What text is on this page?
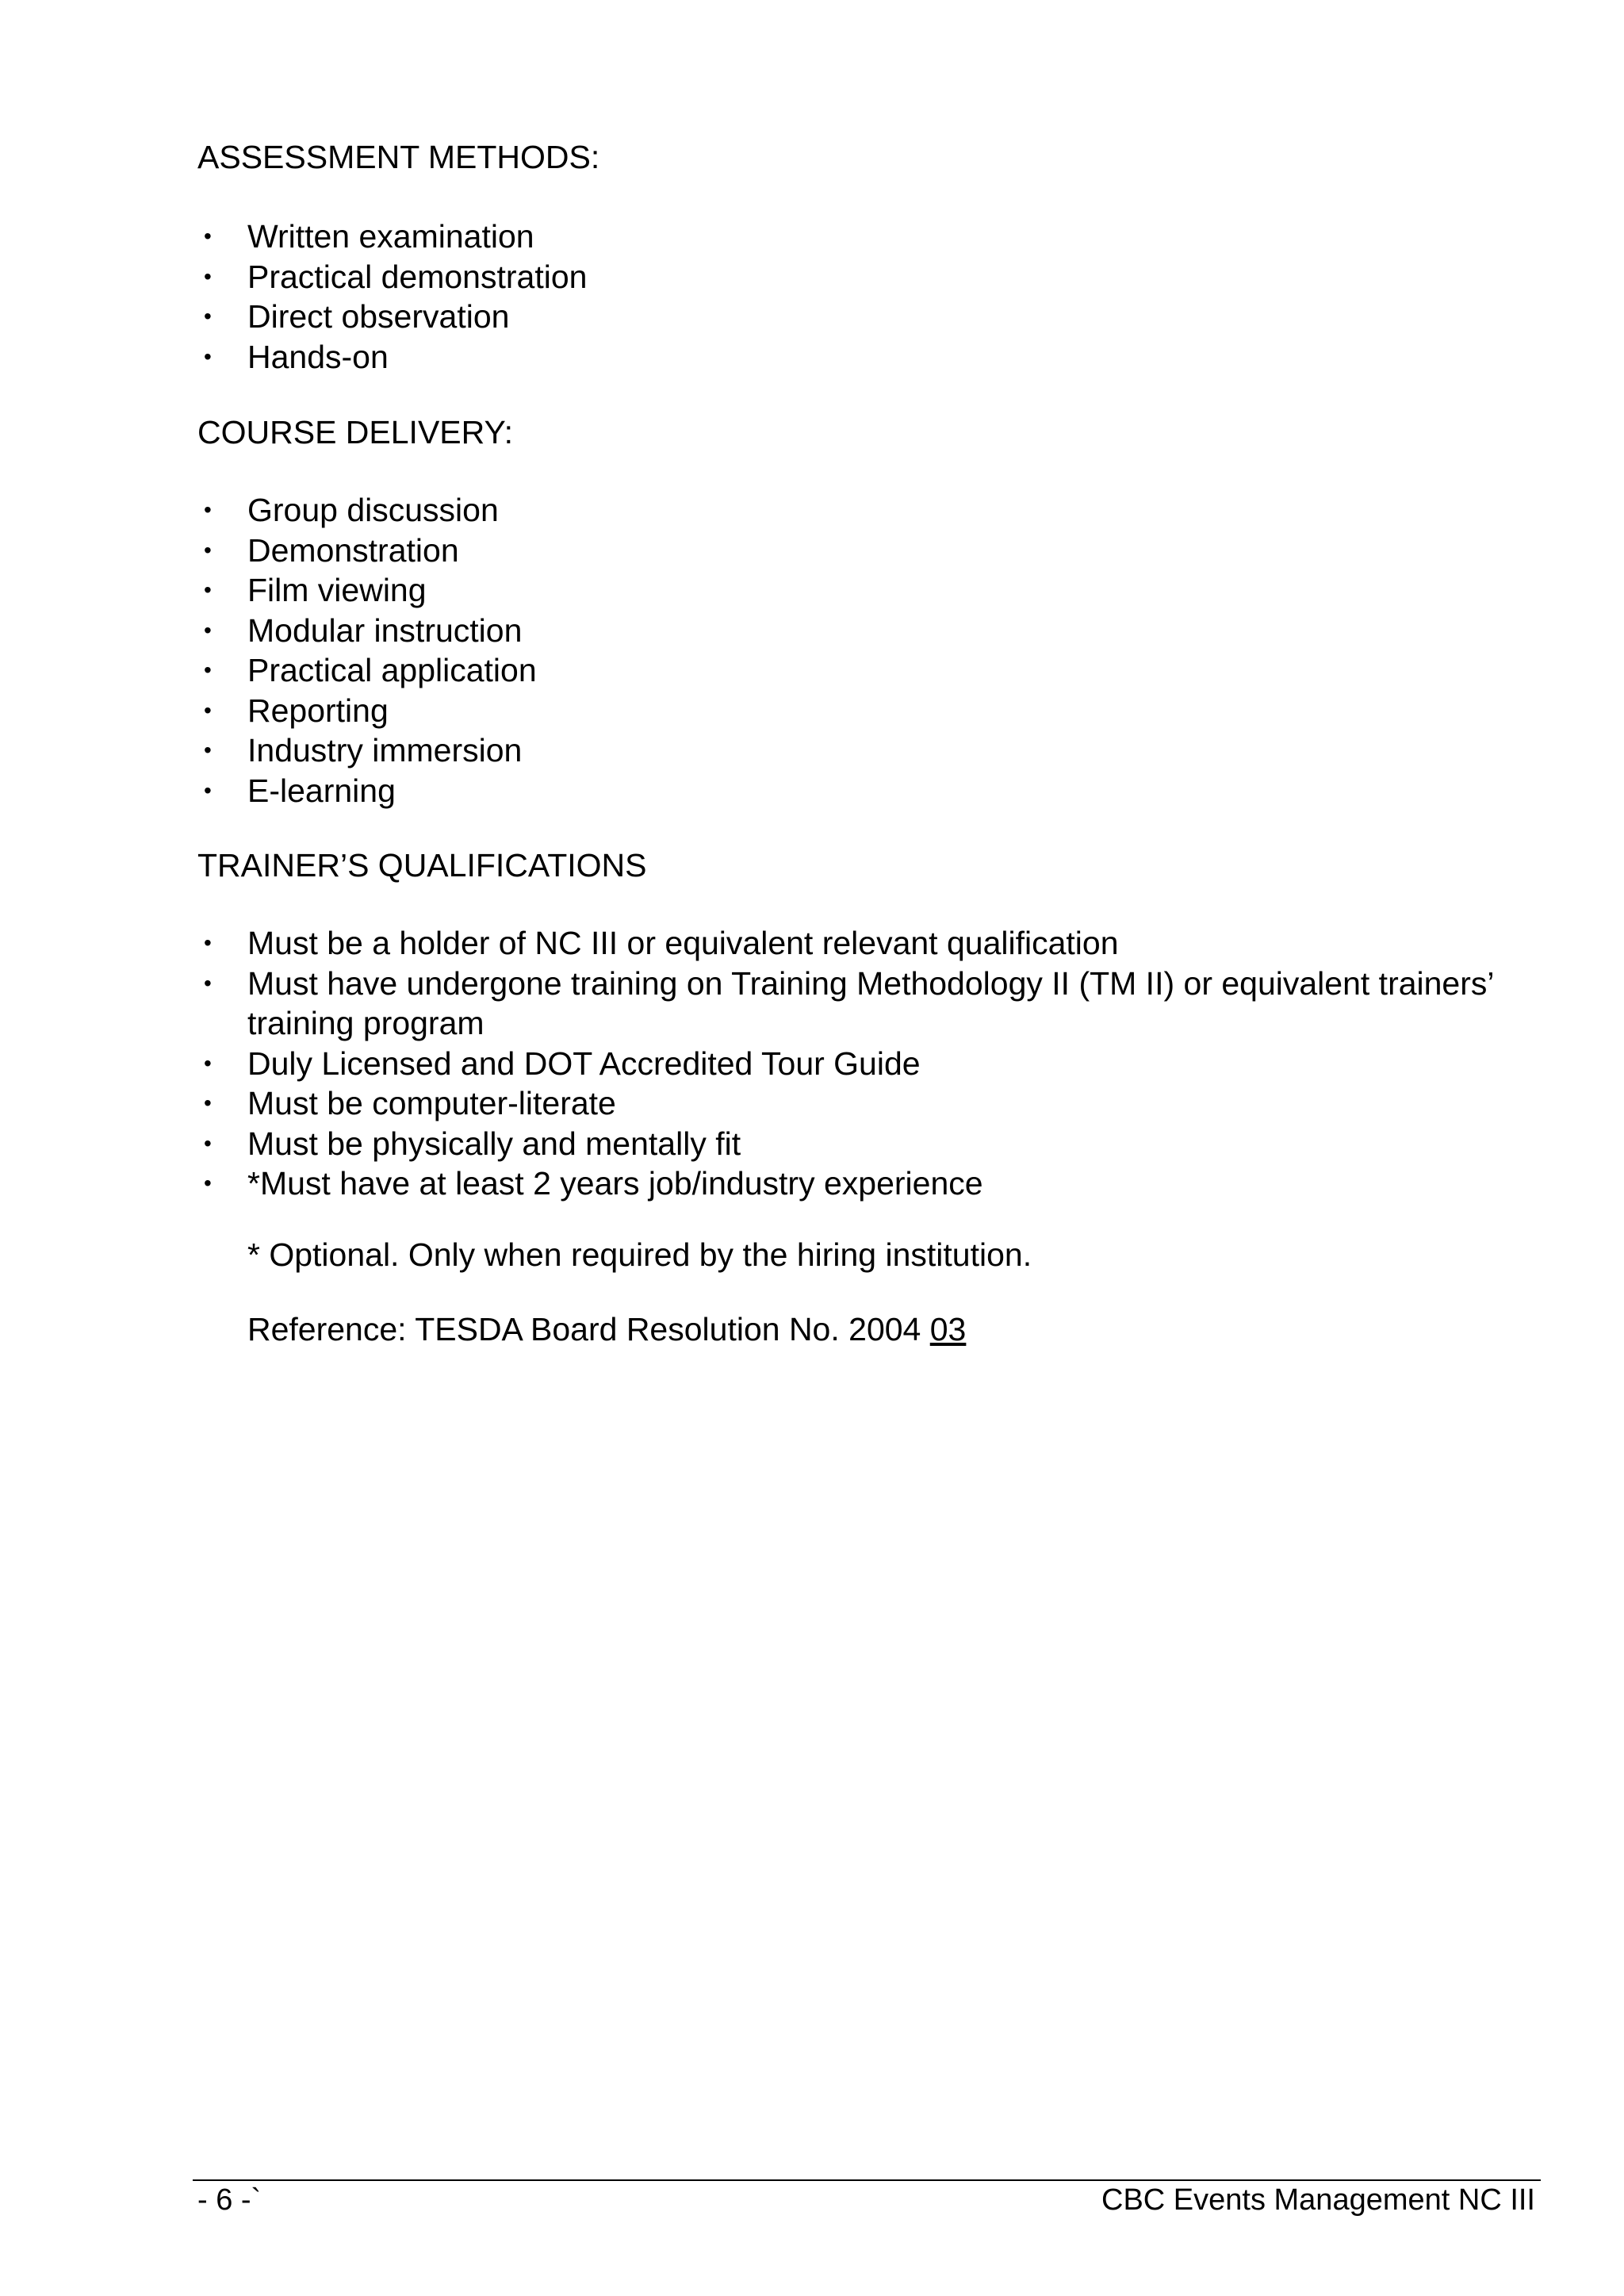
ASSESSMENT METHODS:
• Written examination
• Practical demonstration
• Direct observation
• Hands-on
COURSE DELIVERY:
• Group discussion
• Demonstration
• Film viewing
• Modular instruction
• Practical application
• Reporting
• Industry immersion
• E-learning
TRAINER’S QUALIFICATIONS
• Must be a holder of NC III or equivalent relevant qualification
• Must have undergone training on Training Methodology II (TM II) or equivalent trainers’
training program
• Duly Licensed and DOT Accredited Tour Guide
• Must be computer-literate
• Must be physically and mentally fit
• *Must have at least 2 years job/industry experience

* Optional. Only when required by the hiring institution.

Reference: TESDA Board Resolution No. 2004 03

- 6 -`	CBC Events Management NC III
